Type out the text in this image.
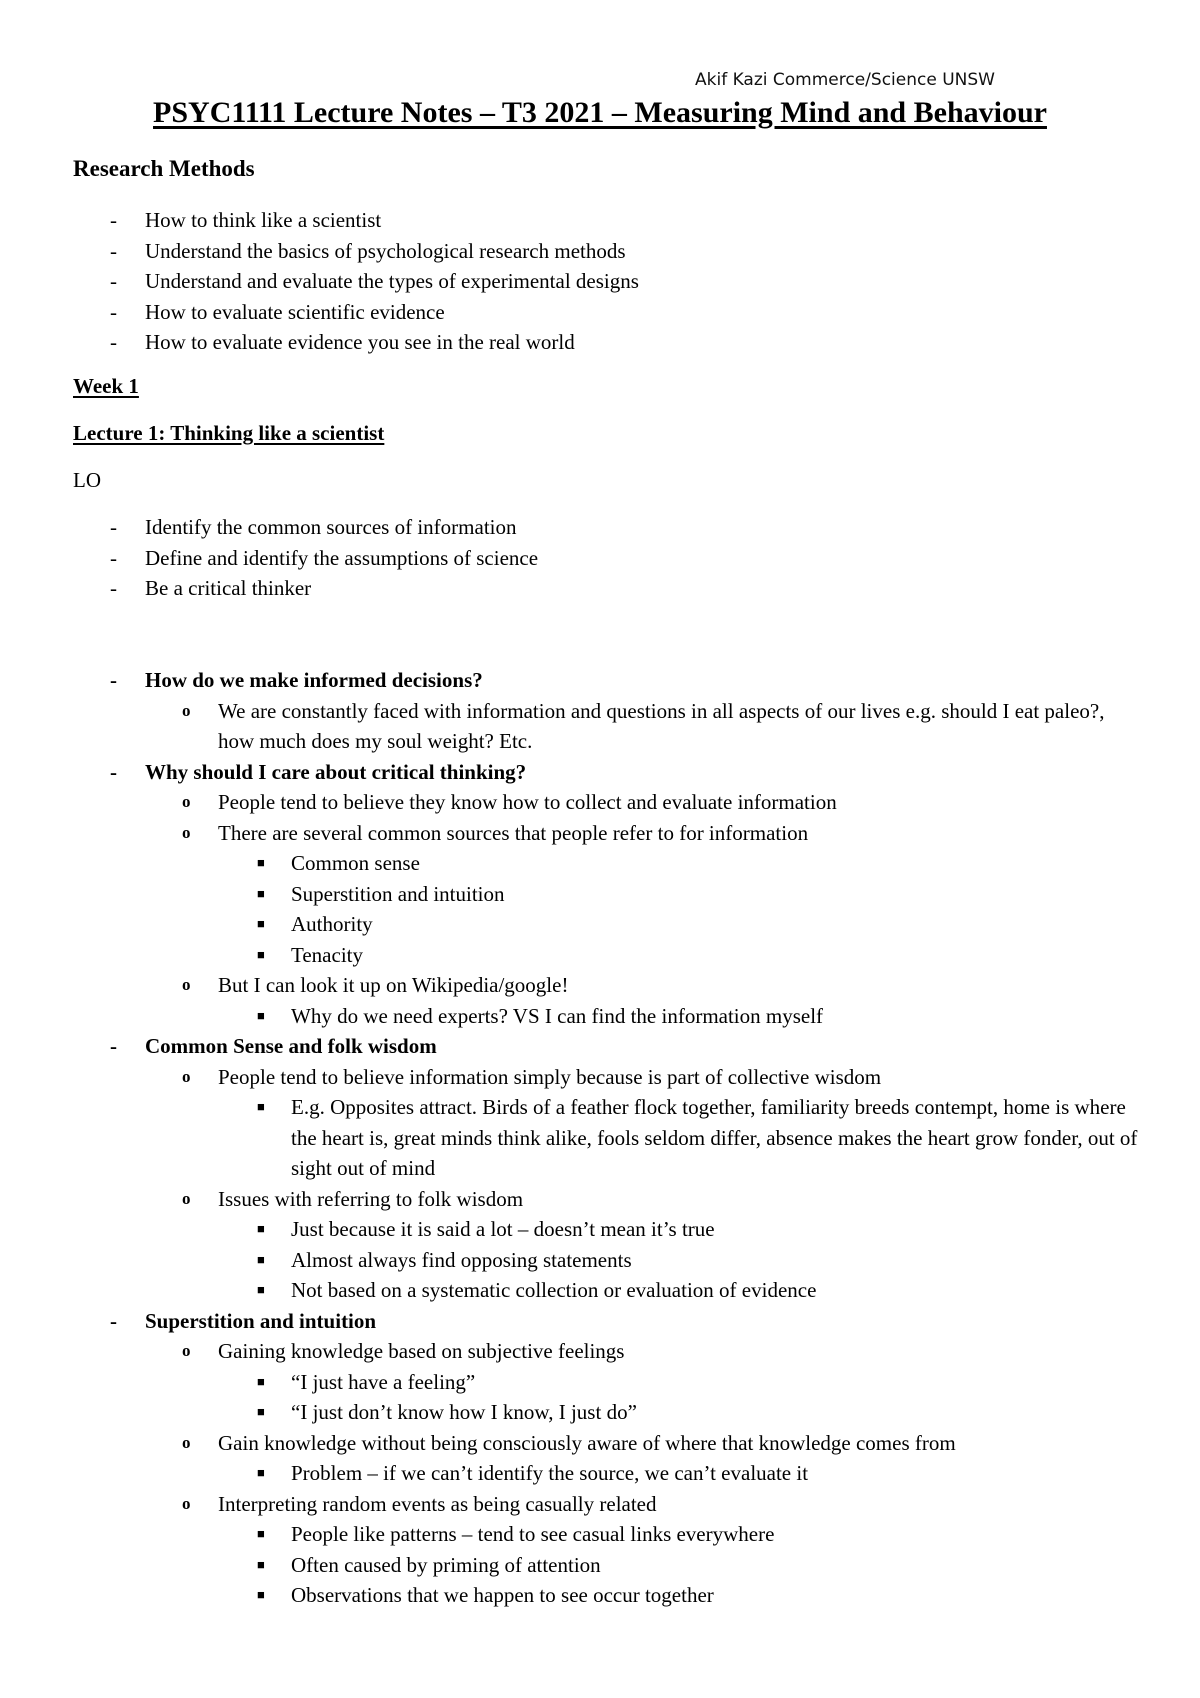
Akif Kazi Commerce/Science UNSW
PSYC1111 Lecture Notes – T3 2021 – Measuring Mind and Behaviour
Research Methods
- How to think like a scientist
- Understand the basics of psychological research methods
- Understand and evaluate the types of experimental designs
- How to evaluate scientific evidence
- How to evaluate evidence you see in the real world
Week 1
Lecture 1: Thinking like a scientist
LO
- Identify the common sources of information
- Define and identify the assumptions of science
- Be a critical thinker
- How do we make informed decisions?
o We are constantly faced with information and questions in all aspects of our lives e.g. should I eat paleo?, how much does my soul weight? Etc.
- Why should I care about critical thinking?
o People tend to believe they know how to collect and evaluate information
o There are several common sources that people refer to for information
■ Common sense
■ Superstition and intuition
■ Authority
■ Tenacity
o But I can look it up on Wikipedia/google!
■ Why do we need experts? VS I can find the information myself
- Common Sense and folk wisdom
o People tend to believe information simply because is part of collective wisdom
■ E.g. Opposites attract. Birds of a feather flock together, familiarity breeds contempt, home is where the heart is, great minds think alike, fools seldom differ, absence makes the heart grow fonder, out of sight out of mind
o Issues with referring to folk wisdom
■ Just because it is said a lot – doesn’t mean it’s true
■ Almost always find opposing statements
■ Not based on a systematic collection or evaluation of evidence
- Superstition and intuition
o Gaining knowledge based on subjective feelings
■ “I just have a feeling”
■ “I just don’t know how I know, I just do”
o Gain knowledge without being consciously aware of where that knowledge comes from
■ Problem – if we can’t identify the source, we can’t evaluate it
o Interpreting random events as being casually related
■ People like patterns – tend to see casual links everywhere
■ Often caused by priming of attention
■ Observations that we happen to see occur together
